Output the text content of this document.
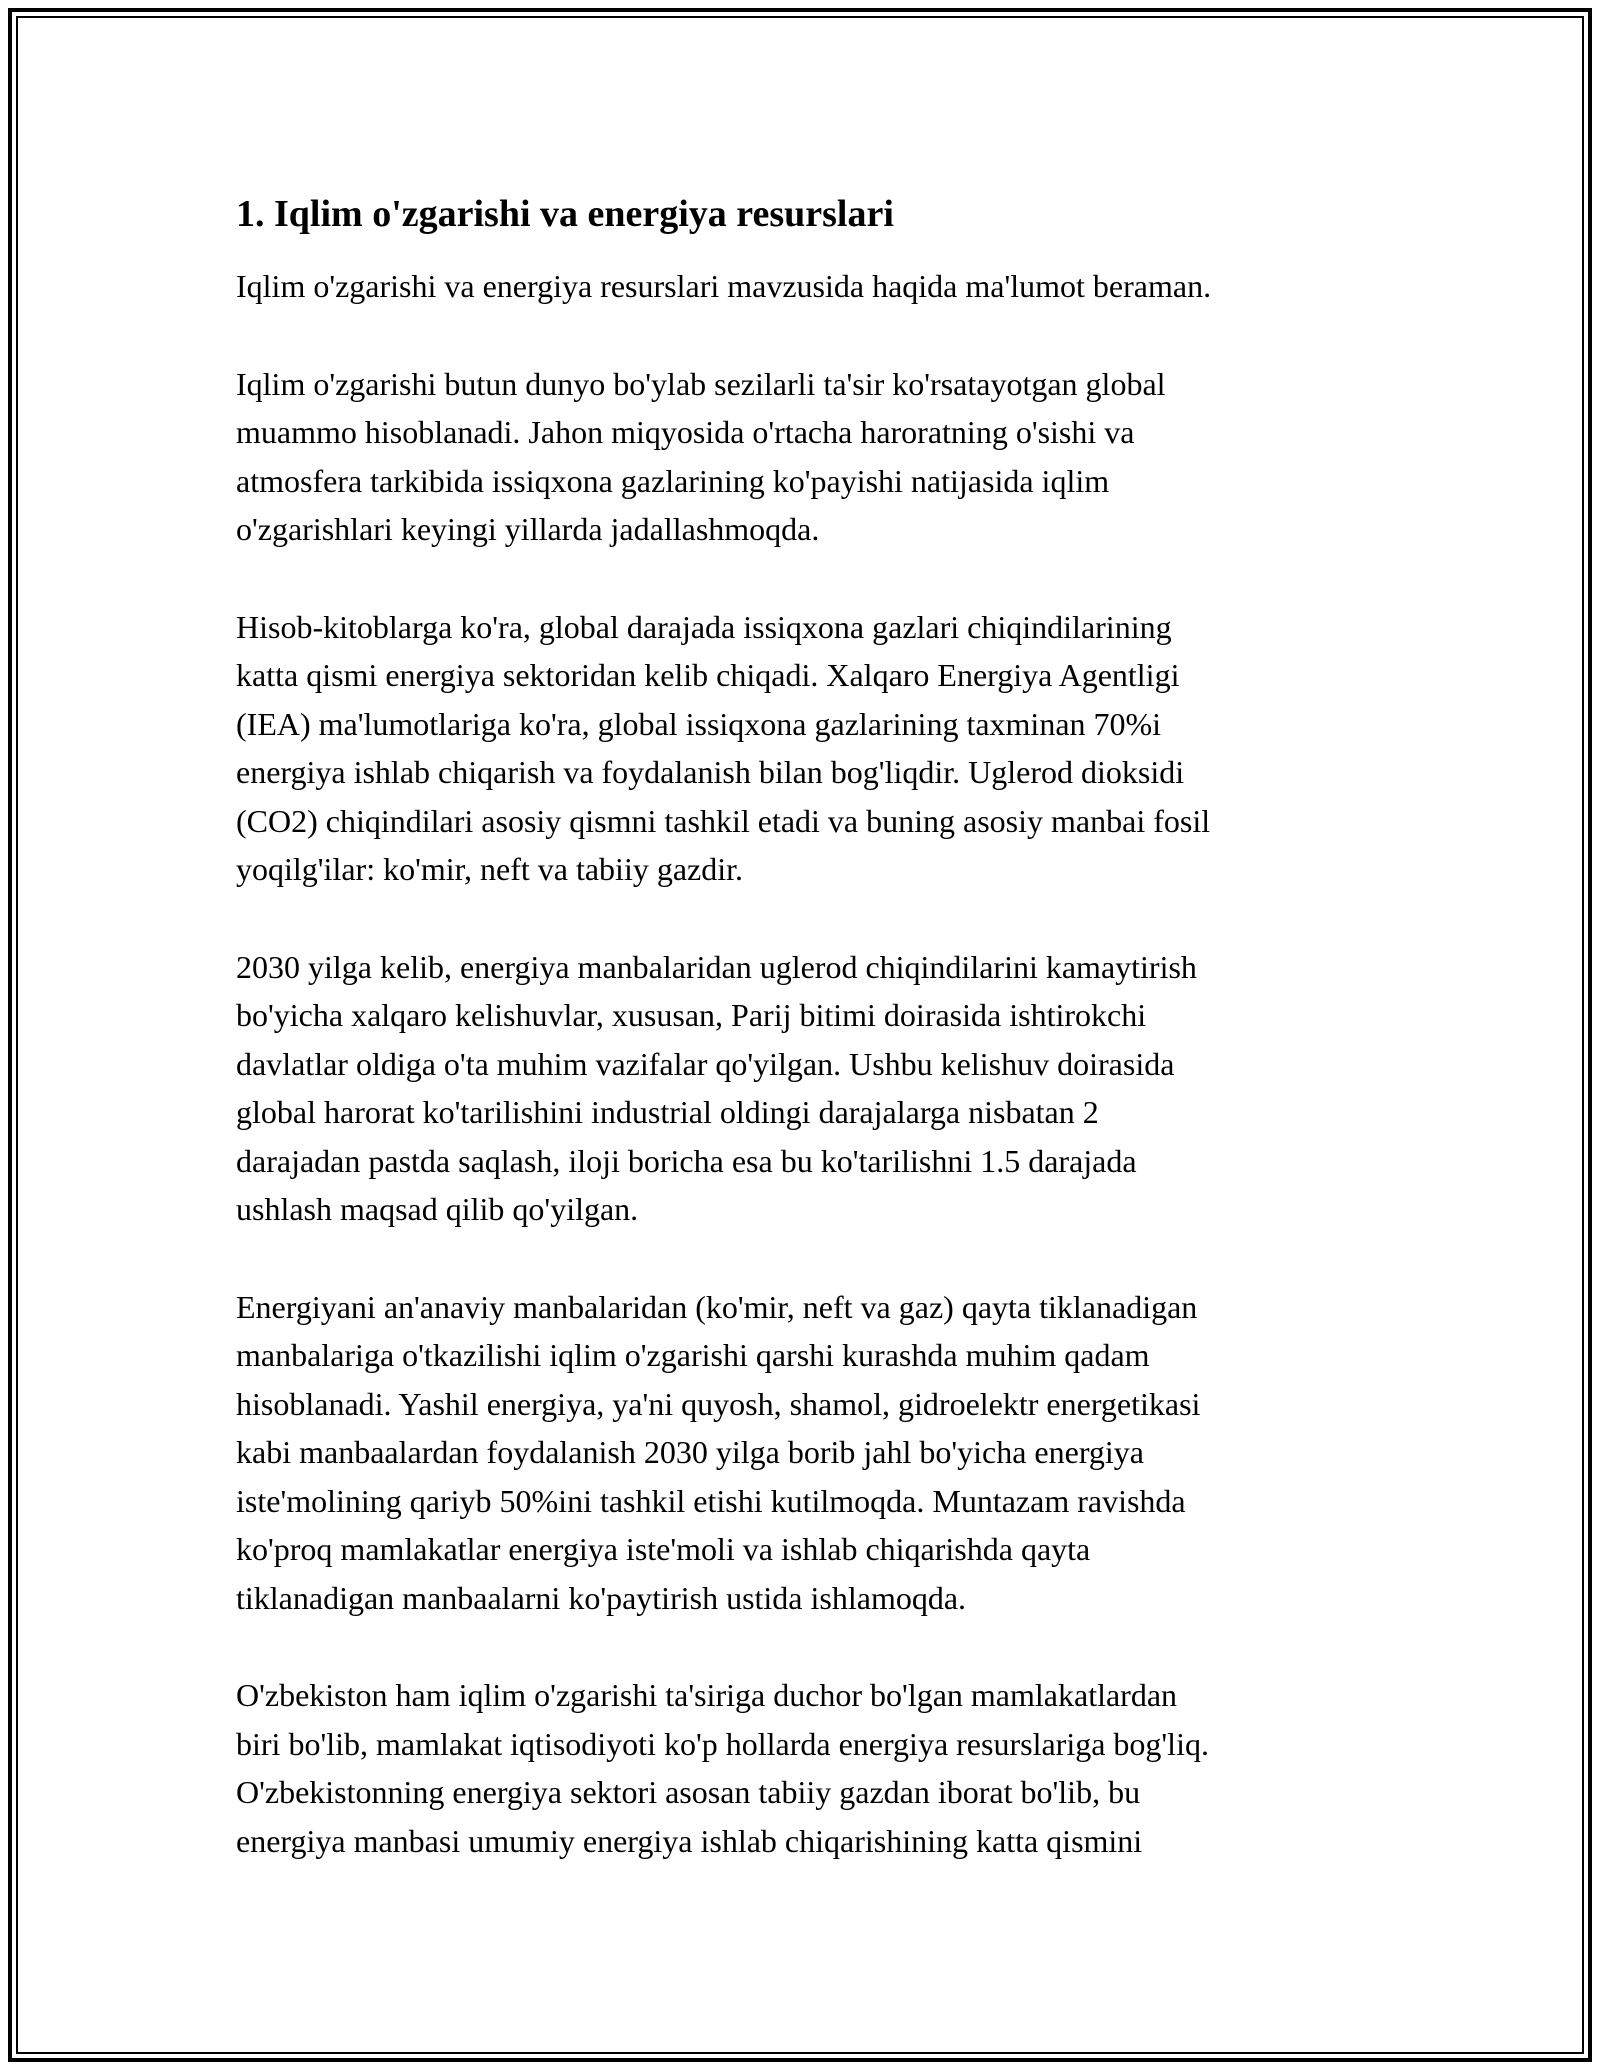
1. Iqlim o'zgarishi va energiya resurslari

Iqlim o'zgarishi va energiya resurslari mavzusida haqida ma'lumot beraman.

Iqlim o'zgarishi butun dunyo bo'ylab sezilarli ta'sir ko'rsatayotgan global
muammo hisoblanadi. Jahon miqyosida o'rtacha haroratning o'sishi va
atmosfera tarkibida issiqxona gazlarining ko'payishi natijasida iqlim
o'zgarishlari keyingi yillarda jadallashmoqda.

Hisob-kitoblarga ko'ra, global darajada issiqxona gazlari chiqindilarining
katta qismi energiya sektoridan kelib chiqadi. Xalqaro Energiya Agentligi
(IEA) ma'lumotlariga ko'ra, global issiqxona gazlarining taxminan 70%i
energiya ishlab chiqarish va foydalanish bilan bog'liqdir. Uglerod dioksidi
(CO2) chiqindilari asosiy qismni tashkil etadi va buning asosiy manbai fosil
yoqilg'ilar: ko'mir, neft va tabiiy gazdir.

2030 yilga kelib, energiya manbalaridan uglerod chiqindilarini kamaytirish
bo'yicha xalqaro kelishuvlar, xususan, Parij bitimi doirasida ishtirokchi
davlatlar oldiga o'ta muhim vazifalar qo'yilgan. Ushbu kelishuv doirasida
global harorat ko'tarilishini industrial oldingi darajalarga nisbatan 2
darajadan pastda saqlash, iloji boricha esa bu ko'tarilishni 1.5 darajada
ushlash maqsad qilib qo'yilgan.

Energiyani an'anaviy manbalaridan (ko'mir, neft va gaz) qayta tiklanadigan
manbalariga o'tkazilishi iqlim o'zgarishi qarshi kurashda muhim qadam
hisoblanadi. Yashil energiya, ya'ni quyosh, shamol, gidroelektr energetikasi
kabi manbaalardan foydalanish 2030 yilga borib jahl bo'yicha energiya
iste'molining qariyb 50%ini tashkil etishi kutilmoqda. Muntazam ravishda
ko'proq mamlakatlar energiya iste'moli va ishlab chiqarishda qayta
tiklanadigan manbaalarni ko'paytirish ustida ishlamoqda.

O'zbekiston ham iqlim o'zgarishi ta'siriga duchor bo'lgan mamlakatlardan
biri bo'lib, mamlakat iqtisodiyoti ko'p hollarda energiya resurslariga bog'liq.
O'zbekistonning energiya sektori asosan tabiiy gazdan iborat bo'lib, bu
energiya manbasi umumiy energiya ishlab chiqarishining katta qismini
